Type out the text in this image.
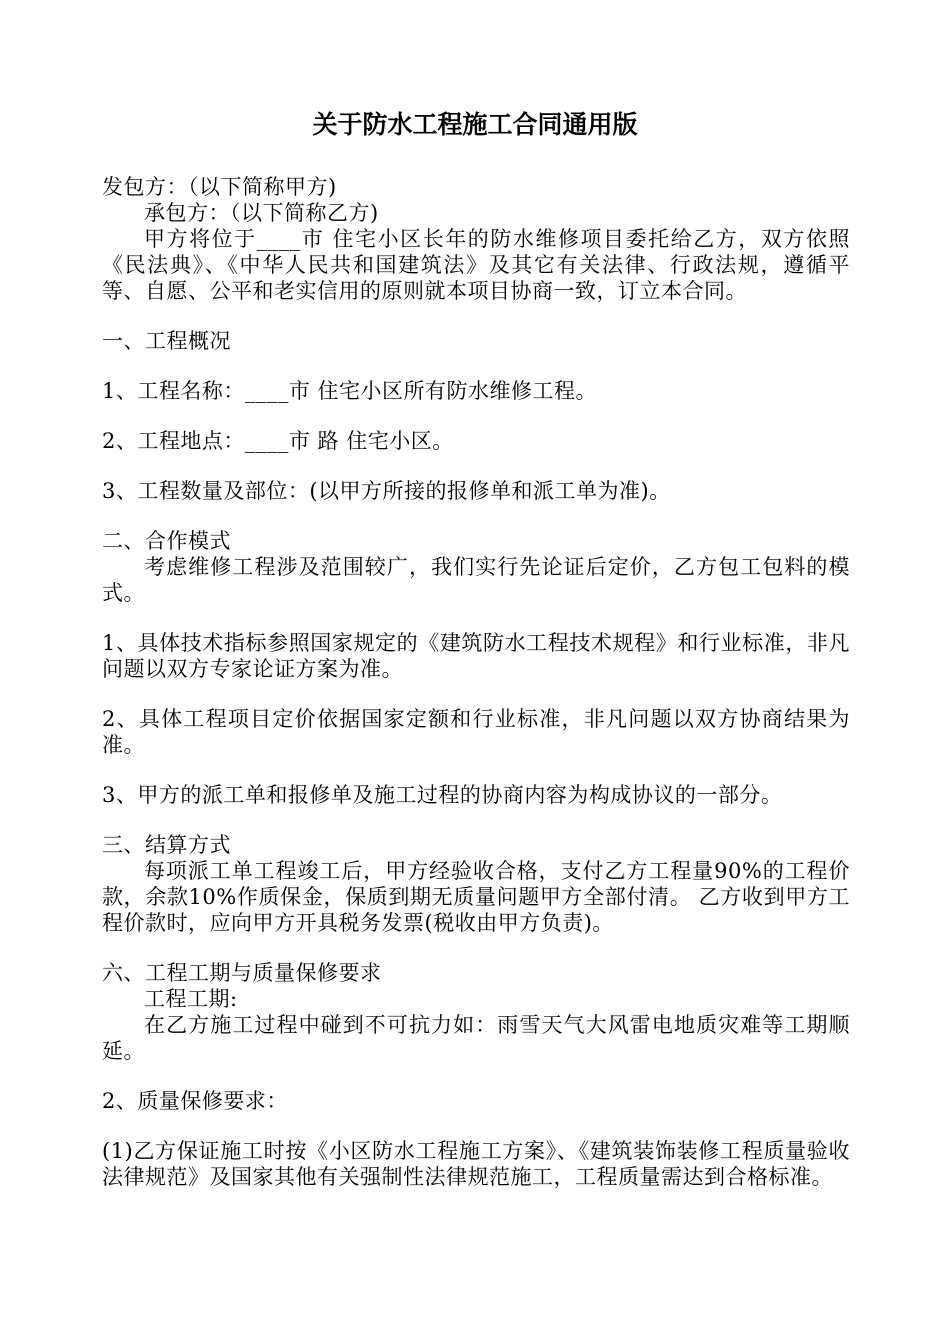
关于防水工程施工合同通用版

发包方：（以下简称甲方)

承包方：（以下简称乙方)

甲方将位于____市 住宅小区长年的防水维修项目委托给乙方，双方依照《民法典》、《中华人民共和国建筑法》及其它有关法律、行政法规，遵循平等、自愿、公平和老实信用的原则就本项目协商一致，订立本合同。

一、工程概况

1、工程名称：____市 住宅小区所有防水维修工程。

2、工程地点：____市 路 住宅小区。

3、工程数量及部位：(以甲方所接的报修单和派工单为准)。

二、合作模式

考虑维修工程涉及范围较广，我们实行先论证后定价，乙方包工包料的模式。

1、具体技术指标参照国家规定的《建筑防水工程技术规程》和行业标准，非凡问题以双方专家论证方案为准。

2、具体工程项目定价依据国家定额和行业标准，非凡问题以双方协商结果为准。

3、甲方的派工单和报修单及施工过程的协商内容为构成协议的一部分。

三、结算方式

每项派工单工程竣工后，甲方经验收合格，支付乙方工程量90%的工程价款，余款10%作质保金，保质到期无质量问题甲方全部付清。 乙方收到甲方工程价款时，应向甲方开具税务发票(税收由甲方负责)。

六、工程工期与质量保修要求

工程工期:

在乙方施工过程中碰到不可抗力如：雨雪天气大风雷电地质灾难等工期顺延。

2、质量保修要求：

(1)乙方保证施工时按《小区防水工程施工方案》、《建筑装饰装修工程质量验收法律规范》及国家其他有关强制性法律规范施工，工程质量需达到合格标准。
